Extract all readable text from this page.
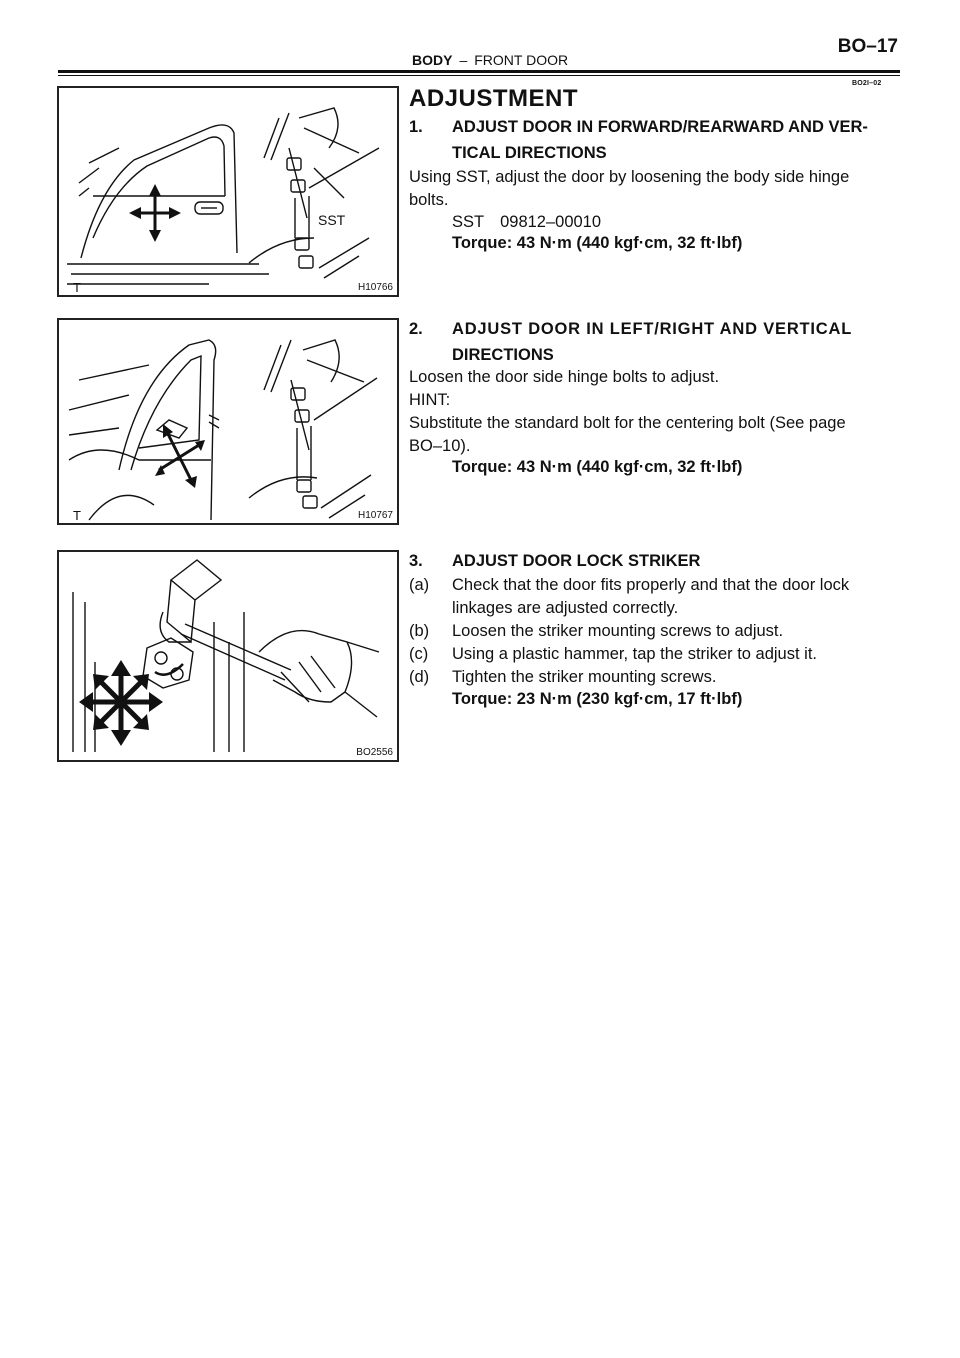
BODY – FRONT DOOR
BO–17
BO2I–02
SST
T	H10766
T	H10767
BO2556
ADJUSTMENT
1. ADJUST DOOR IN FORWARD/REARWARD AND VER-
TICAL DIRECTIONS
Using SST, adjust the door by loosening the body side hinge
bolts.
SST 09812–00010
Torque: 43 N·m (440 kgf·cm, 32 ft·lbf)
2. ADJUST DOOR IN LEFT/RIGHT AND VERTICAL
DIRECTIONS
Loosen the door side hinge bolts to adjust.
HINT:
Substitute the standard bolt for the centering bolt (See page
BO–10).
Torque: 43 N·m (440 kgf·cm, 32 ft·lbf)
3. ADJUST DOOR LOCK STRIKER
(a) Check that the door fits properly and that the door lock
linkages are adjusted correctly.
(b) Loosen the striker mounting screws to adjust.
(c) Using a plastic hammer, tap the striker to adjust it.
(d) Tighten the striker mounting screws.
Torque: 23 N·m (230 kgf·cm, 17 ft·lbf)
